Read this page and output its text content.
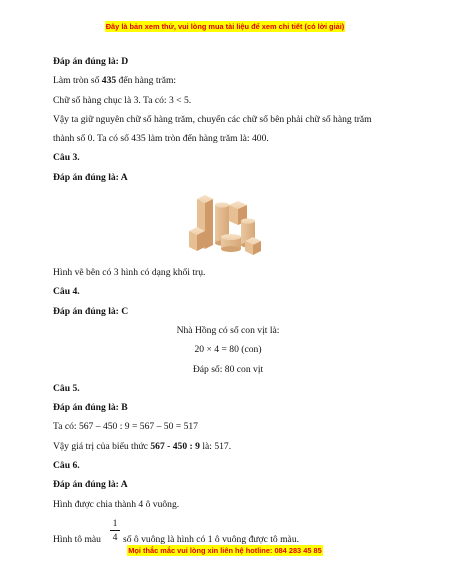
Đây là bản xem thử, vui lòng mua tài liệu để xem chi tiết (có lời giải)
Đáp án đúng là: D
Làm tròn số 435 đến hàng trăm:
Chữ số hàng chục là 3. Ta có: 3 < 5.
Vậy ta giữ nguyên chữ số hàng trăm, chuyển các chữ số bên phải chữ số hàng trăm
thành số 0. Ta có số 435 làm tròn đến hàng trăm là: 400.
Câu 3.
Đáp án đúng là: A
Hình vẽ bên có 3 hình có dạng khối trụ.
Câu 4.
Đáp án đúng là: C
Nhà Hồng có số con vịt là:
20 × 4 = 80 (con)
Đáp số: 80 con vịt
Câu 5.
Đáp án đúng là: B
Ta có: 567 – 450 : 9 = 567 – 50 = 517
Vậy giá trị của biểu thức 567 - 450 : 9 là: 517.
Câu 6.
Đáp án đúng là: A
Hình được chia thành 4 ô vuông.
Hình tô màu
1
4 số ô vuông là hình có 1 ô vuông được tô màu.
Mọi thắc mắc vui lòng xin liên hệ hotline: 084 283 45 85
